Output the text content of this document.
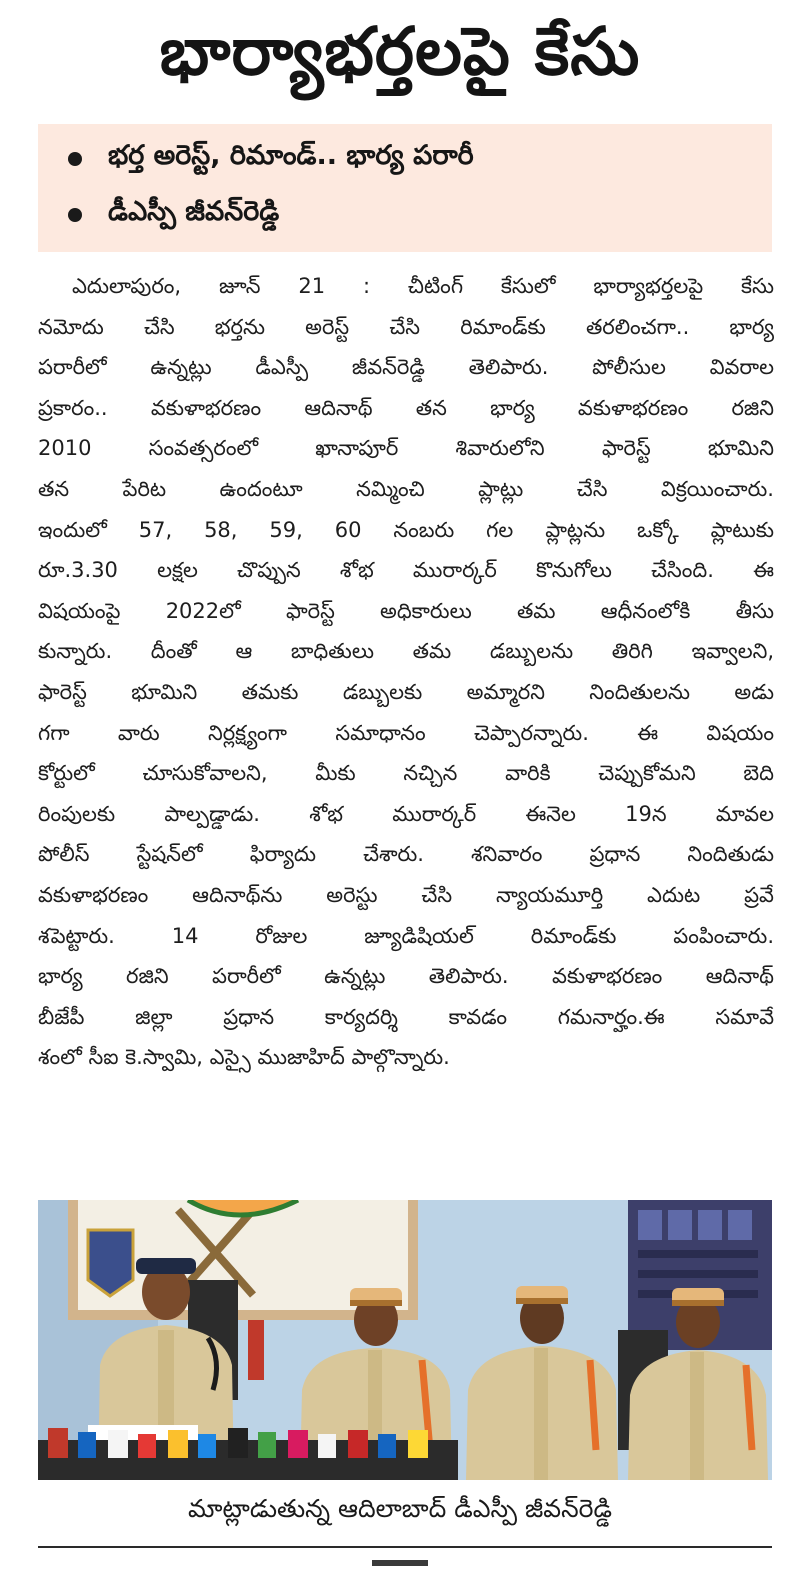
భార్యాభర్తలపై కేసు
భర్త అరెస్ట్, రిమాండ్.. భార్య పరారీ
డీఎస్పీ జీవన్‌రెడ్డి

ఎదులాపురం, జూన్ 21 : చీటింగ్ కేసులో భార్యాభర్తలపై కేసు

నమోదు చేసి భర్తను అరెస్ట్ చేసి రిమాండ్‌కు తరలించగా.. భార్య

పరారీలో ఉన్నట్లు డీఎస్పీ జీవన్‌రెడ్డి తెలిపారు. పోలీసుల వివరాల

ప్రకారం.. వకుళాభరణం ఆదినాథ్ తన భార్య వకుళాభరణం రజిని

2010 సంవత్సరంలో ఖానాపూర్ శివారులోని ఫారెస్ట్ భూమిని

తన పేరిట ఉందంటూ నమ్మించి ప్లాట్లు చేసి విక్రయించారు.

ఇందులో 57, 58, 59, 60 నంబరు గల ప్లాట్లను ఒక్కో ప్లాటుకు

రూ.3.30 లక్షల చొప్పున శోభ మురార్కర్ కొనుగోలు చేసింది. ఈ

విషయంపై 2022లో ఫారెస్ట్ అధికారులు తమ ఆధీనంలోకి తీసు

కున్నారు. దీంతో ఆ బాధితులు తమ డబ్బులను తిరిగి ఇవ్వాలని,

ఫారెస్ట్ భూమిని తమకు డబ్బులకు అమ్మారని నిందితులను అడు

గగా వారు నిర్లక్ష్యంగా సమాధానం చెప్పారన్నారు. ఈ విషయం

కోర్టులో చూసుకోవాలని, మీకు నచ్చిన వారికి చెప్పుకోమని బెది

రింపులకు పాల్పడ్డాడు. శోభ మురార్కర్ ఈనెల 19న మావల

పోలీస్ స్టేషన్‌లో ఫిర్యాదు చేశారు. శనివారం ప్రధాన నిందితుడు

వకుళాభరణం ఆదినాథ్‌ను అరెస్టు చేసి న్యాయమూర్తి ఎదుట ప్రవే

శపెట్టారు. 14 రోజుల జ్యూడిషియల్ రిమాండ్‌కు పంపించారు.

భార్య రజిని పరారీలో ఉన్నట్లు తెలిపారు. వకుళాభరణం ఆదినాథ్

బీజేపీ జిల్లా ప్రధాన కార్యదర్శి కావడం గమనార్హం.ఈ సమావే

శంలో సీఐ కె.స్వామి, ఎస్సై ముజాహిద్ పాల్గొన్నారు.

మాట్లాడుతున్న ఆదిలాబాద్ డీఎస్పీ జీవన్‌రెడ్డి
